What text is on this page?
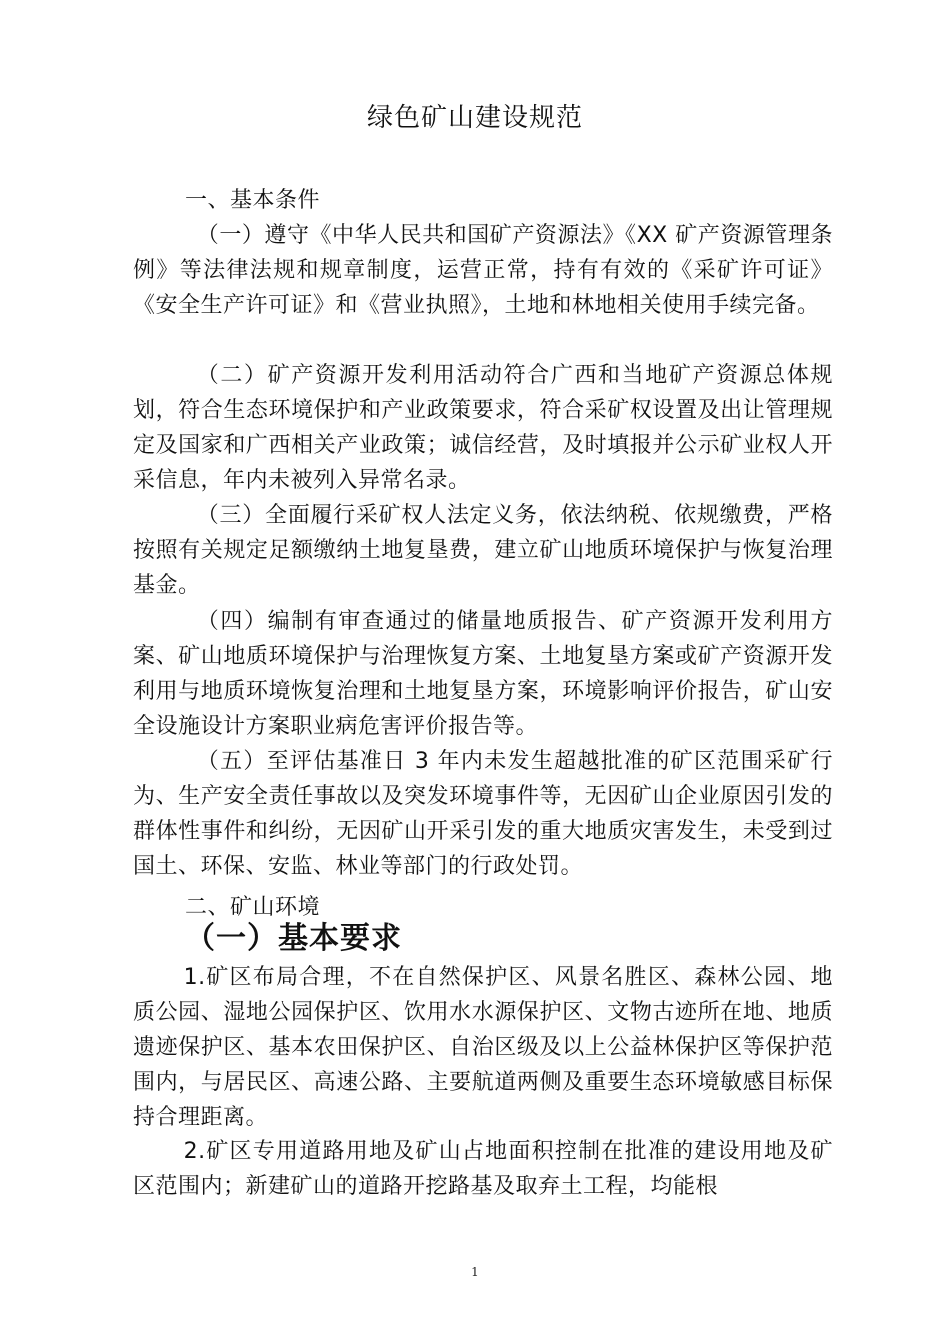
绿色矿山建设规范
一、基本条件
（一）遵守《中华人民共和国矿产资源法》《XX 矿产资源管理条例》等法律法规和规章制度，运营正常，持有有效的《采矿许可证》《安全生产许可证》和《营业执照》，土地和林地相关使用手续完备。
（二）矿产资源开发利用活动符合广西和当地矿产资源总体规划，符合生态环境保护和产业政策要求，符合采矿权设置及出让管理规定及国家和广西相关产业政策；诚信经营，及时填报并公示矿业权人开采信息，年内未被列入异常名录。
（三）全面履行采矿权人法定义务，依法纳税、依规缴费，严格按照有关规定足额缴纳土地复垦费，建立矿山地质环境保护与恢复治理基金。
（四）编制有审查通过的储量地质报告、矿产资源开发利用方案、矿山地质环境保护与治理恢复方案、土地复垦方案或矿产资源开发利用与地质环境恢复治理和土地复垦方案，环境影响评价报告，矿山安全设施设计方案职业病危害评价报告等。
（五）至评估基准日 3 年内未发生超越批准的矿区范围采矿行为、生产安全责任事故以及突发环境事件等，无因矿山企业原因引发的群体性事件和纠纷，无因矿山开采引发的重大地质灾害发生，未受到过国土、环保、安监、林业等部门的行政处罚。
二、矿山环境
（一）基本要求
1.矿区布局合理，不在自然保护区、风景名胜区、森林公园、地质公园、湿地公园保护区、饮用水水源保护区、文物古迹所在地、地质遗迹保护区、基本农田保护区、自治区级及以上公益林保护区等保护范围内，与居民区、高速公路、主要航道两侧及重要生态环境敏感目标保持合理距离。
2.矿区专用道路用地及矿山占地面积控制在批准的建设用地及矿区范围内；新建矿山的道路开挖路基及取弃土工程，均能根
1
